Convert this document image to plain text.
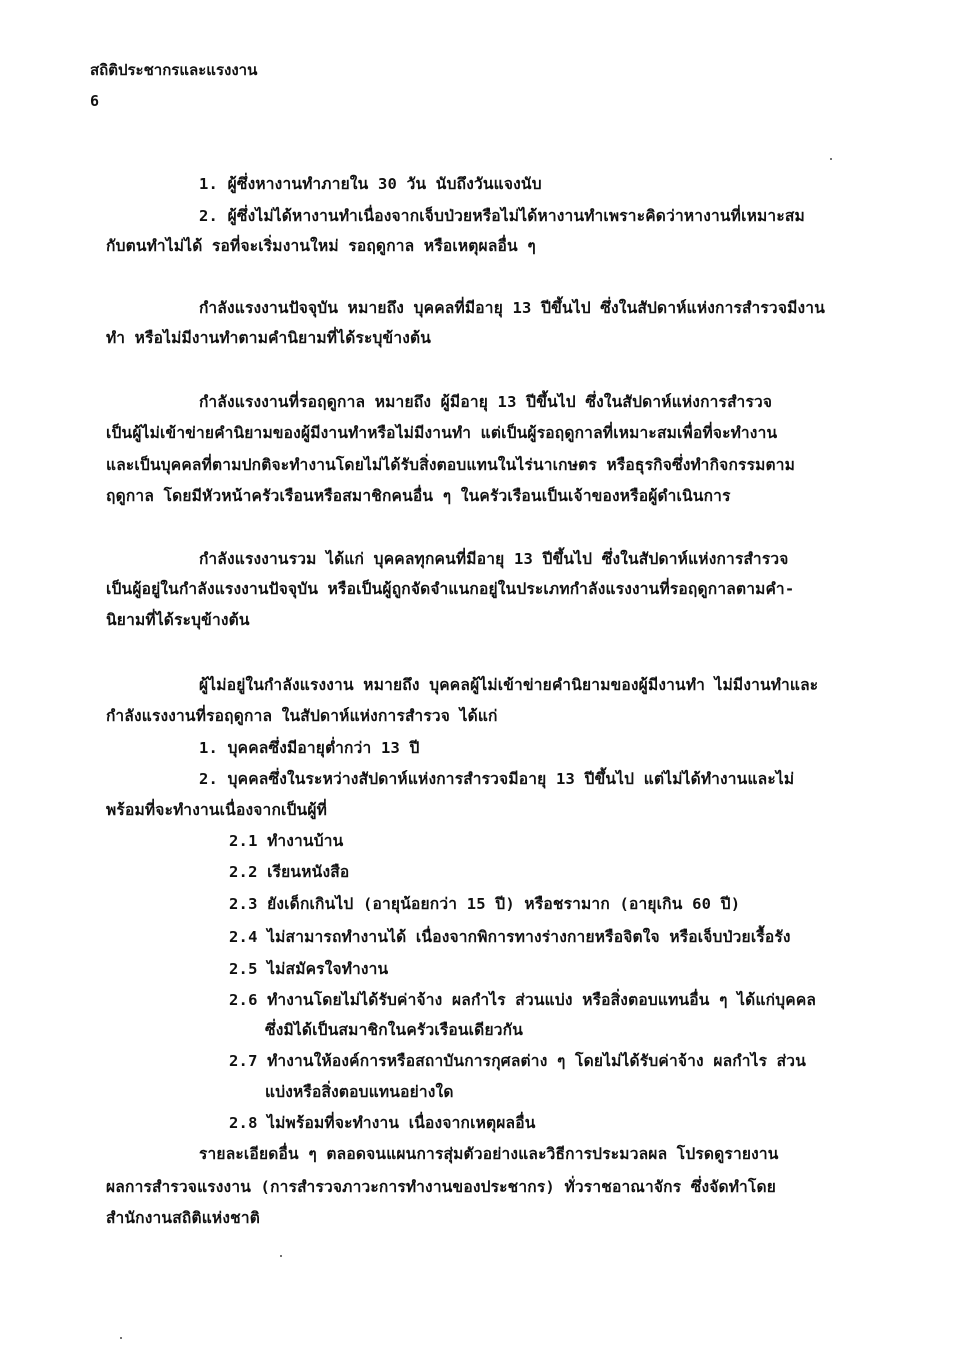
สถิติประชากรและแรงงาน
6
1. ผู้ซึ่งหางานทำภายใน 30 วัน นับถึงวันแจงนับ
2. ผู้ซึ่งไม่ได้หางานทำเนื่องจากเจ็บป่วยหรือไม่ได้หางานทำเพราะคิดว่าหางานที่เหมาะสม
กับตนทำไม่ได้ รอที่จะเริ่มงานใหม่ รอฤดูกาล หรือเหตุผลอื่น ๆ
กำลังแรงงานปัจจุบัน หมายถึง บุคคลที่มีอายุ 13 ปีขึ้นไป ซึ่งในสัปดาห์แห่งการสำรวจมีงาน
ทำ หรือไม่มีงานทำตามคำนิยามที่ได้ระบุข้างต้น
กำลังแรงงานที่รอฤดูกาล หมายถึง ผู้มีอายุ 13 ปีขึ้นไป ซึ่งในสัปดาห์แห่งการสำรวจ
เป็นผู้ไม่เข้าข่ายคำนิยามของผู้มีงานทำหรือไม่มีงานทำ แต่เป็นผู้รอฤดูกาลที่เหมาะสมเพื่อที่จะทำงาน
และเป็นบุคคลที่ตามปกติจะทำงานโดยไม่ได้รับสิ่งตอบแทนในไร่นาเกษตร หรือธุรกิจซึ่งทำกิจกรรมตาม
ฤดูกาล โดยมีหัวหน้าครัวเรือนหรือสมาชิกคนอื่น ๆ ในครัวเรือนเป็นเจ้าของหรือผู้ดำเนินการ
กำลังแรงงานรวม ได้แก่ บุคคลทุกคนที่มีอายุ 13 ปีขึ้นไป ซึ่งในสัปดาห์แห่งการสำรวจ
เป็นผู้อยู่ในกำลังแรงงานปัจจุบัน หรือเป็นผู้ถูกจัดจำแนกอยู่ในประเภทกำลังแรงงานที่รอฤดูกาลตามคำ-
นิยามที่ได้ระบุข้างต้น
ผู้ไม่อยู่ในกำลังแรงงาน หมายถึง บุคคลผู้ไม่เข้าข่ายคำนิยามของผู้มีงานทำ ไม่มีงานทำและ
กำลังแรงงานที่รอฤดูกาล ในสัปดาห์แห่งการสำรวจ ได้แก่
1. บุคคลซึ่งมีอายุต่ำกว่า 13 ปี
2. บุคคลซึ่งในระหว่างสัปดาห์แห่งการสำรวจมีอายุ 13 ปีขึ้นไป แต่ไม่ได้ทำงานและไม่
พร้อมที่จะทำงานเนื่องจากเป็นผู้ที่
2.1 ทำงานบ้าน
2.2 เรียนหนังสือ
2.3 ยังเด็กเกินไป (อายุน้อยกว่า 15 ปี) หรือชรามาก (อายุเกิน 60 ปี)
2.4 ไม่สามารถทำงานได้ เนื่องจากพิการทางร่างกายหรือจิตใจ หรือเจ็บป่วยเรื้อรัง
2.5 ไม่สมัครใจทำงาน
2.6 ทำงานโดยไม่ได้รับค่าจ้าง ผลกำไร ส่วนแบ่ง หรือสิ่งตอบแทนอื่น ๆ ได้แก่บุคคล
ซึ่งมิได้เป็นสมาชิกในครัวเรือนเดียวกัน
2.7 ทำงานให้องค์การหรือสถาบันการกุศลต่าง ๆ โดยไม่ได้รับค่าจ้าง ผลกำไร ส่วน
แบ่งหรือสิ่งตอบแทนอย่างใด
2.8 ไม่พร้อมที่จะทำงาน เนื่องจากเหตุผลอื่น
รายละเอียดอื่น ๆ ตลอดจนแผนการสุ่มตัวอย่างและวิธีการประมวลผล โปรดดูรายงาน
ผลการสำรวจแรงงาน (การสำรวจภาวะการทำงานของประชากร) ทั่วราชอาณาจักร ซึ่งจัดทำโดย
สำนักงานสถิติแห่งชาติ
